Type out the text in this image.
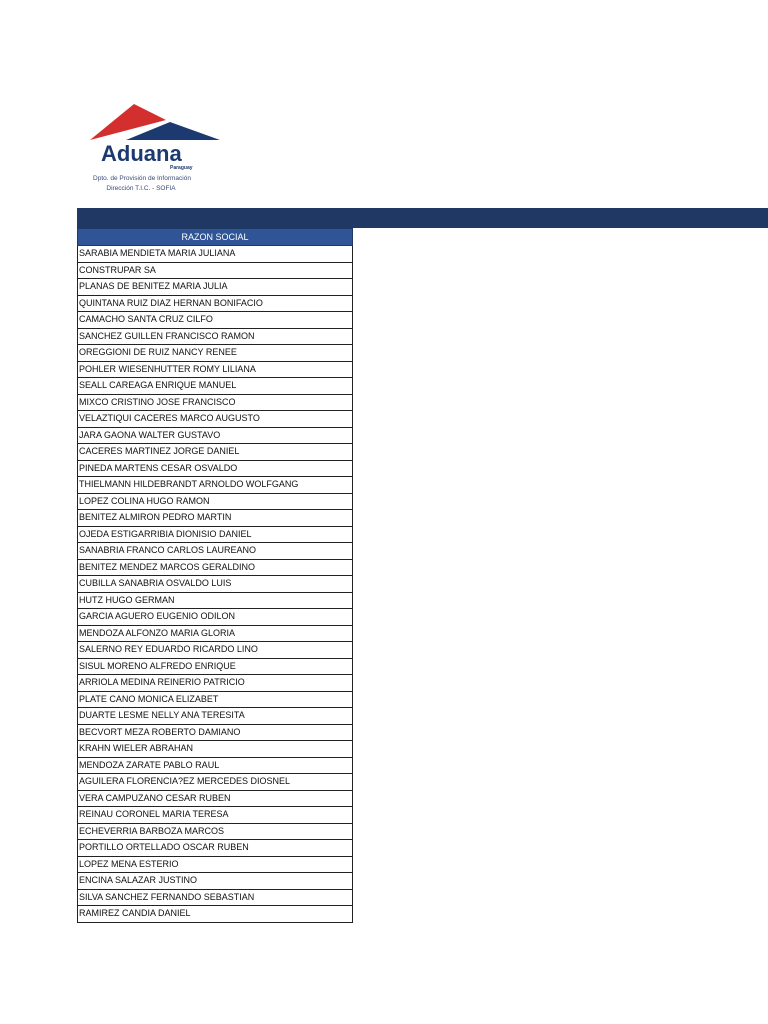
Aduana
Paraguay
Dpto. de Provisión de Información
Dirección T.I.C. - SOFIA
RAZON SOCIAL
SARABIA MENDIETA MARIA JULIANA
CONSTRUPAR SA
PLANAS DE BENITEZ MARIA JULIA
QUINTANA RUIZ DIAZ HERNAN BONIFACIO
CAMACHO SANTA CRUZ CILFO
SANCHEZ GUILLEN FRANCISCO RAMON
OREGGIONI DE RUIZ NANCY RENEE
POHLER WIESENHUTTER ROMY LILIANA
SEALL CAREAGA ENRIQUE MANUEL
MIXCO CRISTINO JOSE FRANCISCO
VELAZTIQUI CACERES MARCO AUGUSTO
JARA GAONA WALTER GUSTAVO
CACERES MARTINEZ JORGE DANIEL
PINEDA MARTENS CESAR OSVALDO
THIELMANN HILDEBRANDT ARNOLDO WOLFGANG
LOPEZ COLINA HUGO RAMON
BENITEZ ALMIRON PEDRO MARTIN
OJEDA ESTIGARRIBIA DIONISIO DANIEL
SANABRIA FRANCO CARLOS LAUREANO
BENITEZ MENDEZ MARCOS GERALDINO
CUBILLA SANABRIA OSVALDO LUIS
HUTZ HUGO GERMAN
GARCIA AGUERO EUGENIO ODILON
MENDOZA ALFONZO MARIA GLORIA
SALERNO REY EDUARDO RICARDO LINO
SISUL MORENO ALFREDO ENRIQUE
ARRIOLA MEDINA REINERIO PATRICIO
PLATE CANO MONICA ELIZABET
DUARTE LESME NELLY ANA TERESITA
BECVORT MEZA ROBERTO DAMIANO
KRAHN WIELER ABRAHAN
MENDOZA ZARATE PABLO RAUL
AGUILERA FLORENCIA?EZ MERCEDES DIOSNEL
VERA CAMPUZANO CESAR RUBEN
REINAU CORONEL MARIA TERESA
ECHEVERRIA BARBOZA MARCOS
PORTILLO ORTELLADO OSCAR RUBEN
LOPEZ MENA ESTERIO
ENCINA SALAZAR JUSTINO
SILVA SANCHEZ FERNANDO SEBASTIAN
RAMIREZ CANDIA DANIEL
